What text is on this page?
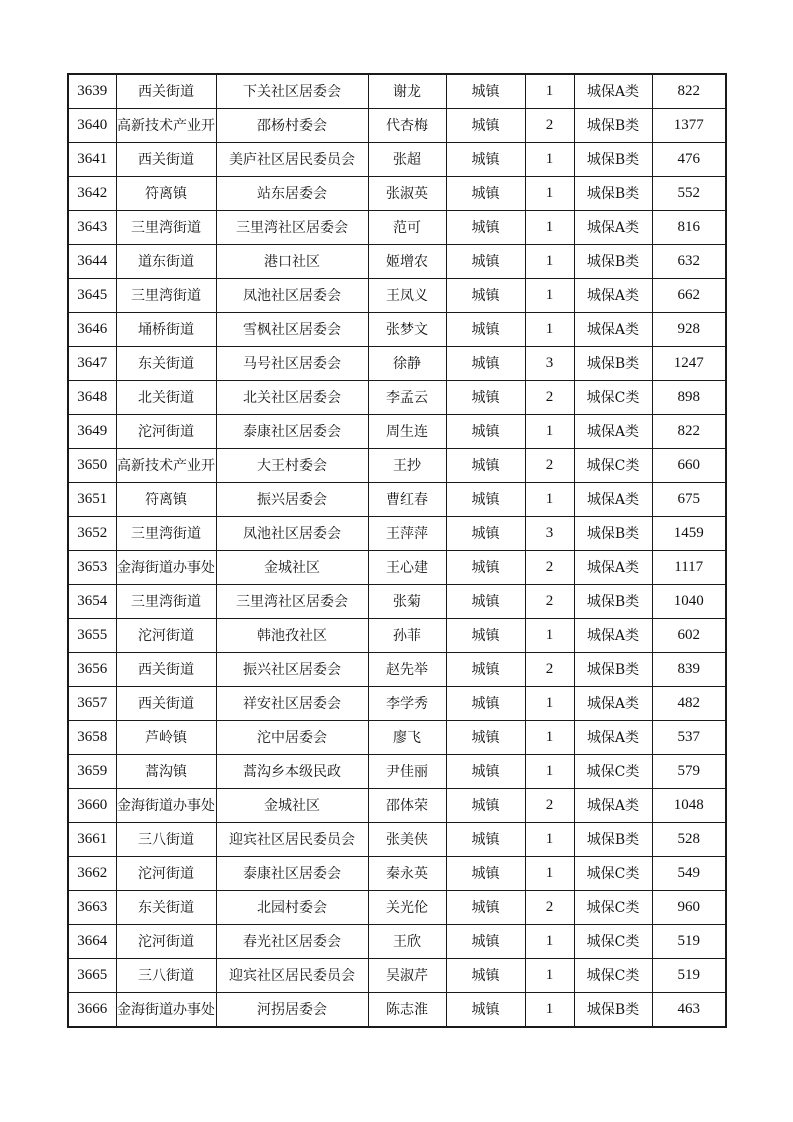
3639	西关街道	下关社区居委会	谢龙	城镇	1	城保A类	822
3640	高新技术产业开	邵杨村委会	代杏梅	城镇	2	城保B类	1377
3641	西关街道	美庐社区居民委员会	张超	城镇	1	城保B类	476
3642	符离镇	站东居委会	张淑英	城镇	1	城保B类	552
3643	三里湾街道	三里湾社区居委会	范可	城镇	1	城保A类	816
3644	道东街道	港口社区	姬增农	城镇	1	城保B类	632
3645	三里湾街道	凤池社区居委会	王凤义	城镇	1	城保A类	662
3646	埇桥街道	雪枫社区居委会	张梦文	城镇	1	城保A类	928
3647	东关街道	马号社区居委会	徐静	城镇	3	城保B类	1247
3648	北关街道	北关社区居委会	李孟云	城镇	2	城保C类	898
3649	沱河街道	泰康社区居委会	周生连	城镇	1	城保A类	822
3650	高新技术产业开	大王村委会	王抄	城镇	2	城保C类	660
3651	符离镇	振兴居委会	曹红春	城镇	1	城保A类	675
3652	三里湾街道	凤池社区居委会	王萍萍	城镇	3	城保B类	1459
3653	金海街道办事处	金城社区	王心建	城镇	2	城保A类	1117
3654	三里湾街道	三里湾社区居委会	张菊	城镇	2	城保B类	1040
3655	沱河街道	韩池孜社区	孙菲	城镇	1	城保A类	602
3656	西关街道	振兴社区居委会	赵先举	城镇	2	城保B类	839
3657	西关街道	祥安社区居委会	李学秀	城镇	1	城保A类	482
3658	芦岭镇	沱中居委会	廖飞	城镇	1	城保A类	537
3659	蒿沟镇	蒿沟乡本级民政	尹佳丽	城镇	1	城保C类	579
3660	金海街道办事处	金城社区	邵体荣	城镇	2	城保A类	1048
3661	三八街道	迎宾社区居民委员会	张美侠	城镇	1	城保B类	528
3662	沱河街道	泰康社区居委会	秦永英	城镇	1	城保C类	549
3663	东关街道	北园村委会	关光伦	城镇	2	城保C类	960
3664	沱河街道	春光社区居委会	王欣	城镇	1	城保C类	519
3665	三八街道	迎宾社区居民委员会	吴淑芹	城镇	1	城保C类	519
3666	金海街道办事处	河拐居委会	陈志淮	城镇	1	城保B类	463
